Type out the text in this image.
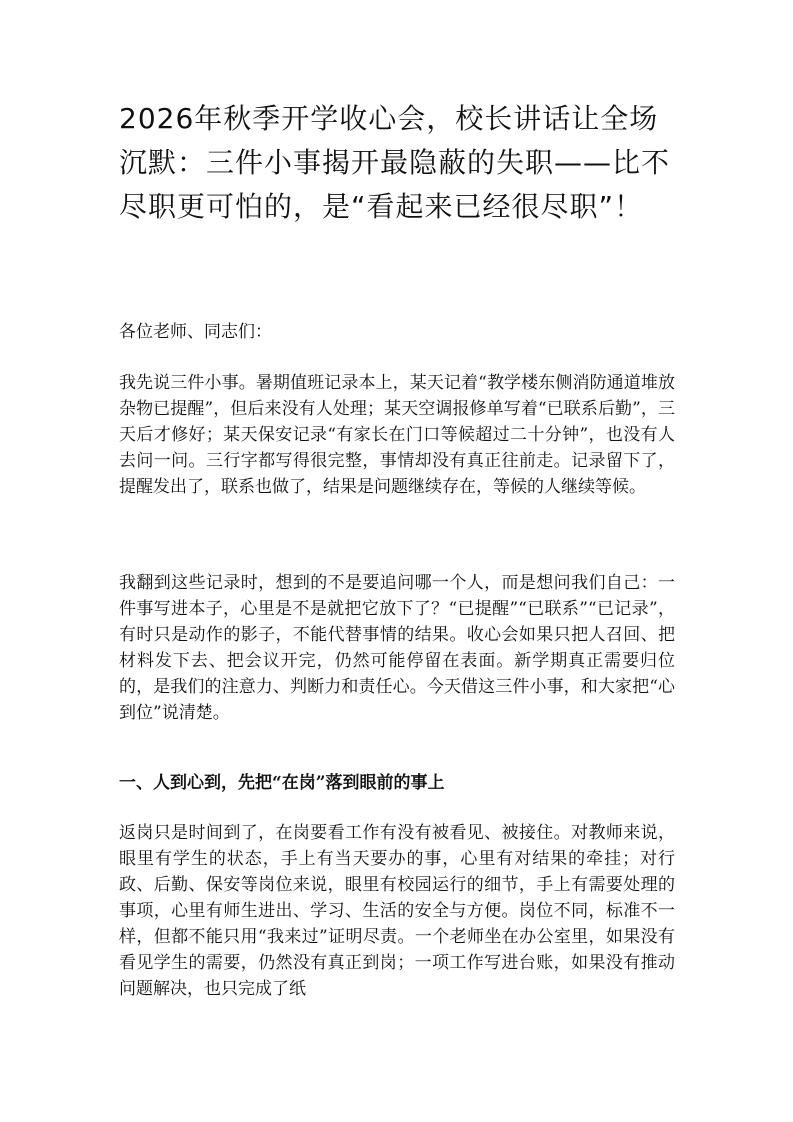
2026年秋季开学收心会，校长讲话让全场沉默：三件小事揭开最隐蔽的失职——比不尽职更可怕的，是“看起来已经很尽职”！

各位老师、同志们：

我先说三件小事。暑期值班记录本上，某天记着“教学楼东侧消防通道堆放杂物已提醒”，但后来没有人处理；某天空调报修单写着“已联系后勤”，三天后才修好；某天保安记录“有家长在门口等候超过二十分钟”，也没有人去问一问。三行字都写得很完整，事情却没有真正往前走。记录留下了，提醒发出了，联系也做了，结果是问题继续存在，等候的人继续等候。

我翻到这些记录时，想到的不是要追问哪一个人，而是想问我们自己：一件事写进本子，心里是不是就把它放下了？“已提醒”“已联系”“已记录”，有时只是动作的影子，不能代替事情的结果。收心会如果只把人召回、把材料发下去、把会议开完，仍然可能停留在表面。新学期真正需要归位的，是我们的注意力、判断力和责任心。今天借这三件小事，和大家把“心到位”说清楚。

一、人到心到，先把“在岗”落到眼前的事上

返岗只是时间到了，在岗要看工作有没有被看见、被接住。对教师来说，眼里有学生的状态，手上有当天要办的事，心里有对结果的牵挂；对行政、后勤、保安等岗位来说，眼里有校园运行的细节，手上有需要处理的事项，心里有师生进出、学习、生活的安全与方便。岗位不同，标准不一样，但都不能只用“我来过”证明尽责。一个老师坐在办公室里，如果没有看见学生的需要，仍然没有真正到岗；一项工作写进台账，如果没有推动问题解决，也只完成了纸
